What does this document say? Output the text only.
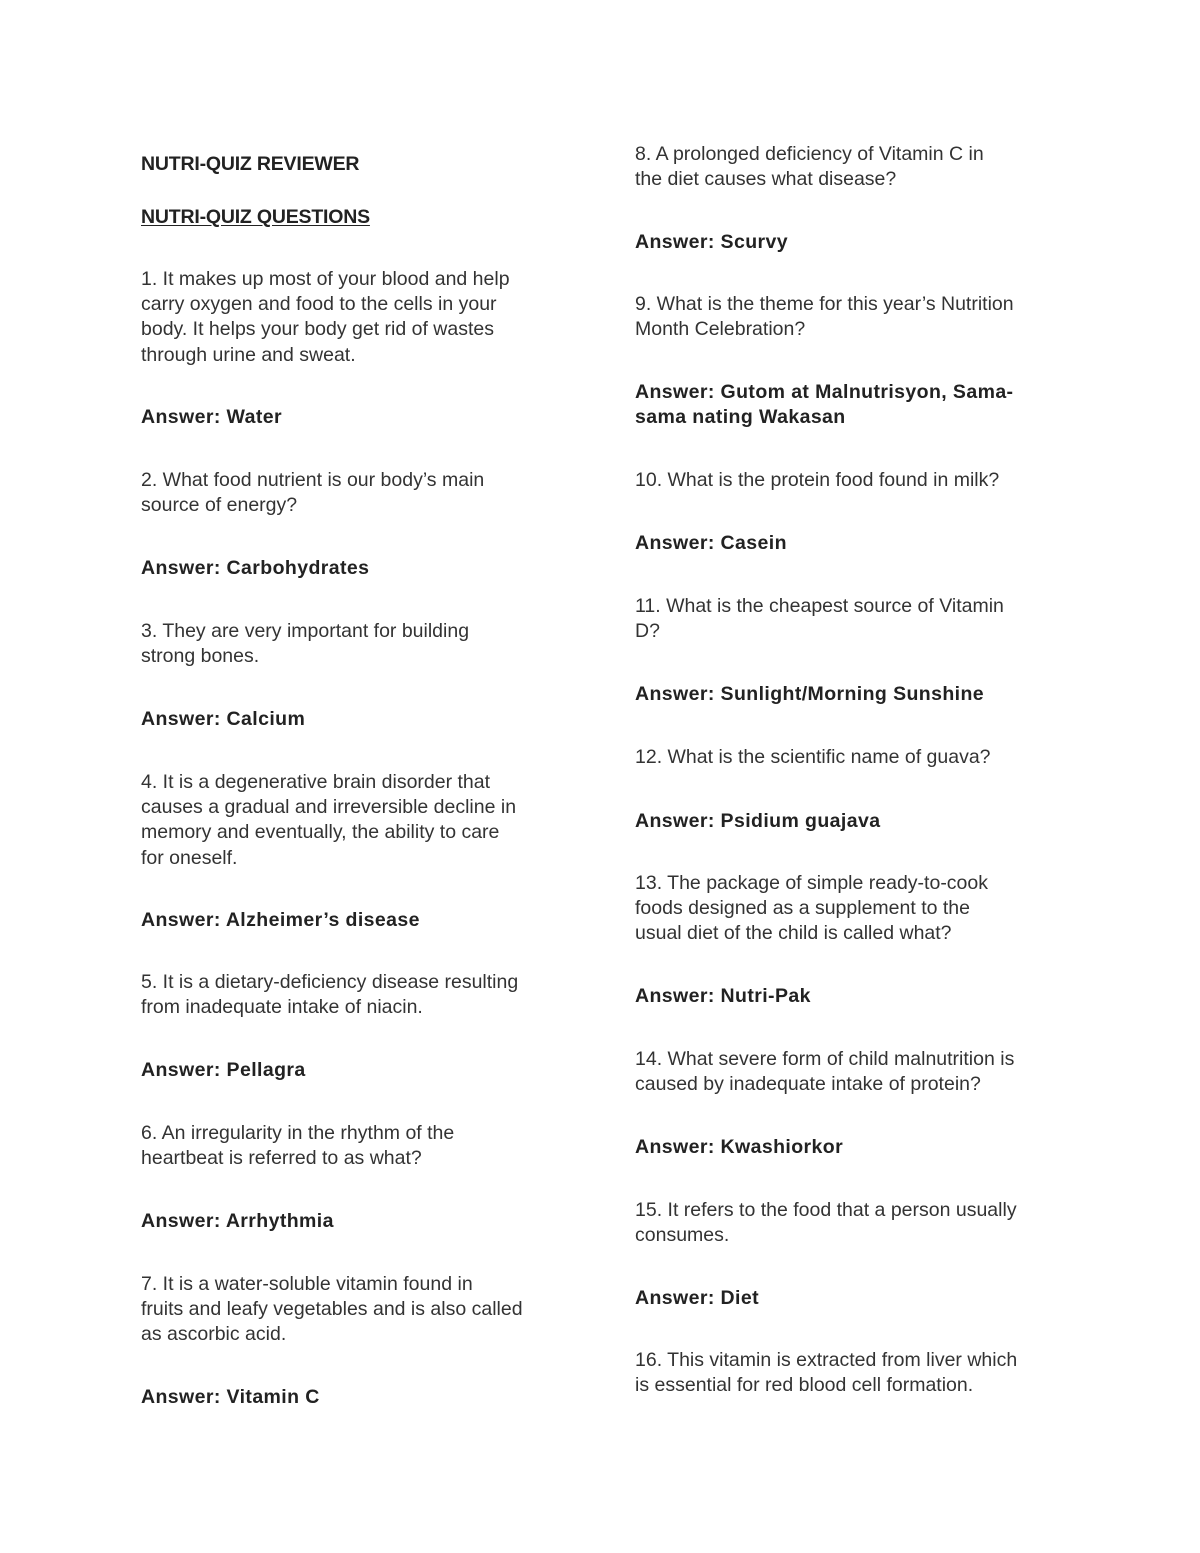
NUTRI-QUIZ REVIEWER

NUTRI-QUIZ QUESTIONS

1. It makes up most of your blood and help
carry oxygen and food to the cells in your
body. It helps your body get rid of wastes
through urine and sweat.

Answer: Water

2. What food nutrient is our body’s main
source of energy?

Answer: Carbohydrates

3. They are very important for building
strong bones.

Answer: Calcium

4. It is a degenerative brain disorder that
causes a gradual and irreversible decline in
memory and eventually, the ability to care
for oneself.

Answer: Alzheimer’s disease

5. It is a dietary-deficiency disease resulting
from inadequate intake of niacin.

Answer: Pellagra

6. An irregularity in the rhythm of the
heartbeat is referred to as what?

Answer: Arrhythmia

7. It is a water-soluble vitamin found in
fruits and leafy vegetables and is also called
as ascorbic acid.

Answer: Vitamin C

8. A prolonged deficiency of Vitamin C in
the diet causes what disease?

Answer: Scurvy

9. What is the theme for this year’s Nutrition
Month Celebration?

Answer: Gutom at Malnutrisyon, Sama-
sama nating Wakasan

10. What is the protein food found in milk?

Answer: Casein

11. What is the cheapest source of Vitamin
D?

Answer: Sunlight/Morning Sunshine

12. What is the scientific name of guava?

Answer: Psidium guajava

13. The package of simple ready-to-cook
foods designed as a supplement to the
usual diet of the child is called what?

Answer: Nutri-Pak

14. What severe form of child malnutrition is
caused by inadequate intake of protein?

Answer: Kwashiorkor

15. It refers to the food that a person usually
consumes.

Answer: Diet

16. This vitamin is extracted from liver which
is essential for red blood cell formation.
